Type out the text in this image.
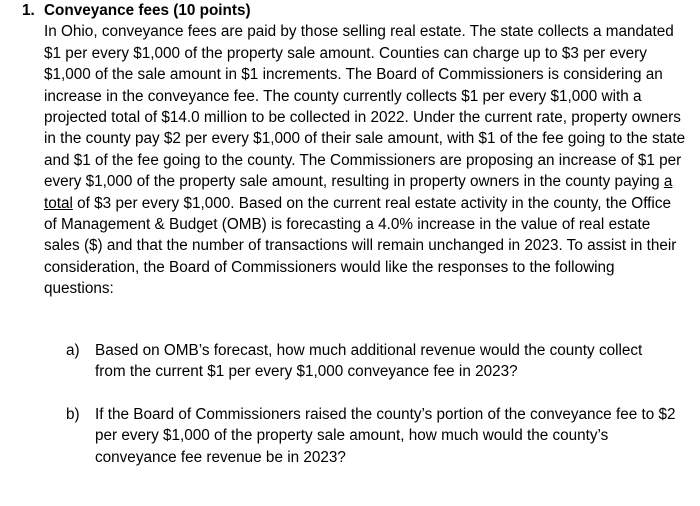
1. Conveyance fees (10 points)

In Ohio, conveyance fees are paid by those selling real estate. The state collects a mandated $1 per every $1,000 of the property sale amount. Counties can charge up to $3 per every $1,000 of the sale amount in $1 increments. The Board of Commissioners is considering an increase in the conveyance fee. The county currently collects $1 per every $1,000 with a projected total of $14.0 million to be collected in 2022. Under the current rate, property owners in the county pay $2 per every $1,000 of their sale amount, with $1 of the fee going to the state and $1 of the fee going to the county. The Commissioners are proposing an increase of $1 per every $1,000 of the property sale amount, resulting in property owners in the county paying a total of $3 per every $1,000. Based on the current real estate activity in the county, the Office of Management & Budget (OMB) is forecasting a 4.0% increase in the value of real estate sales ($) and that the number of transactions will remain unchanged in 2023. To assist in their consideration, the Board of Commissioners would like the responses to the following questions:

a)	Based on OMB’s forecast, how much additional revenue would the county collect from the current $1 per every $1,000 conveyance fee in 2023?
b)	If the Board of Commissioners raised the county’s portion of the conveyance fee to $2 per every $1,000 of the property sale amount, how much would the county’s conveyance fee revenue be in 2023?
